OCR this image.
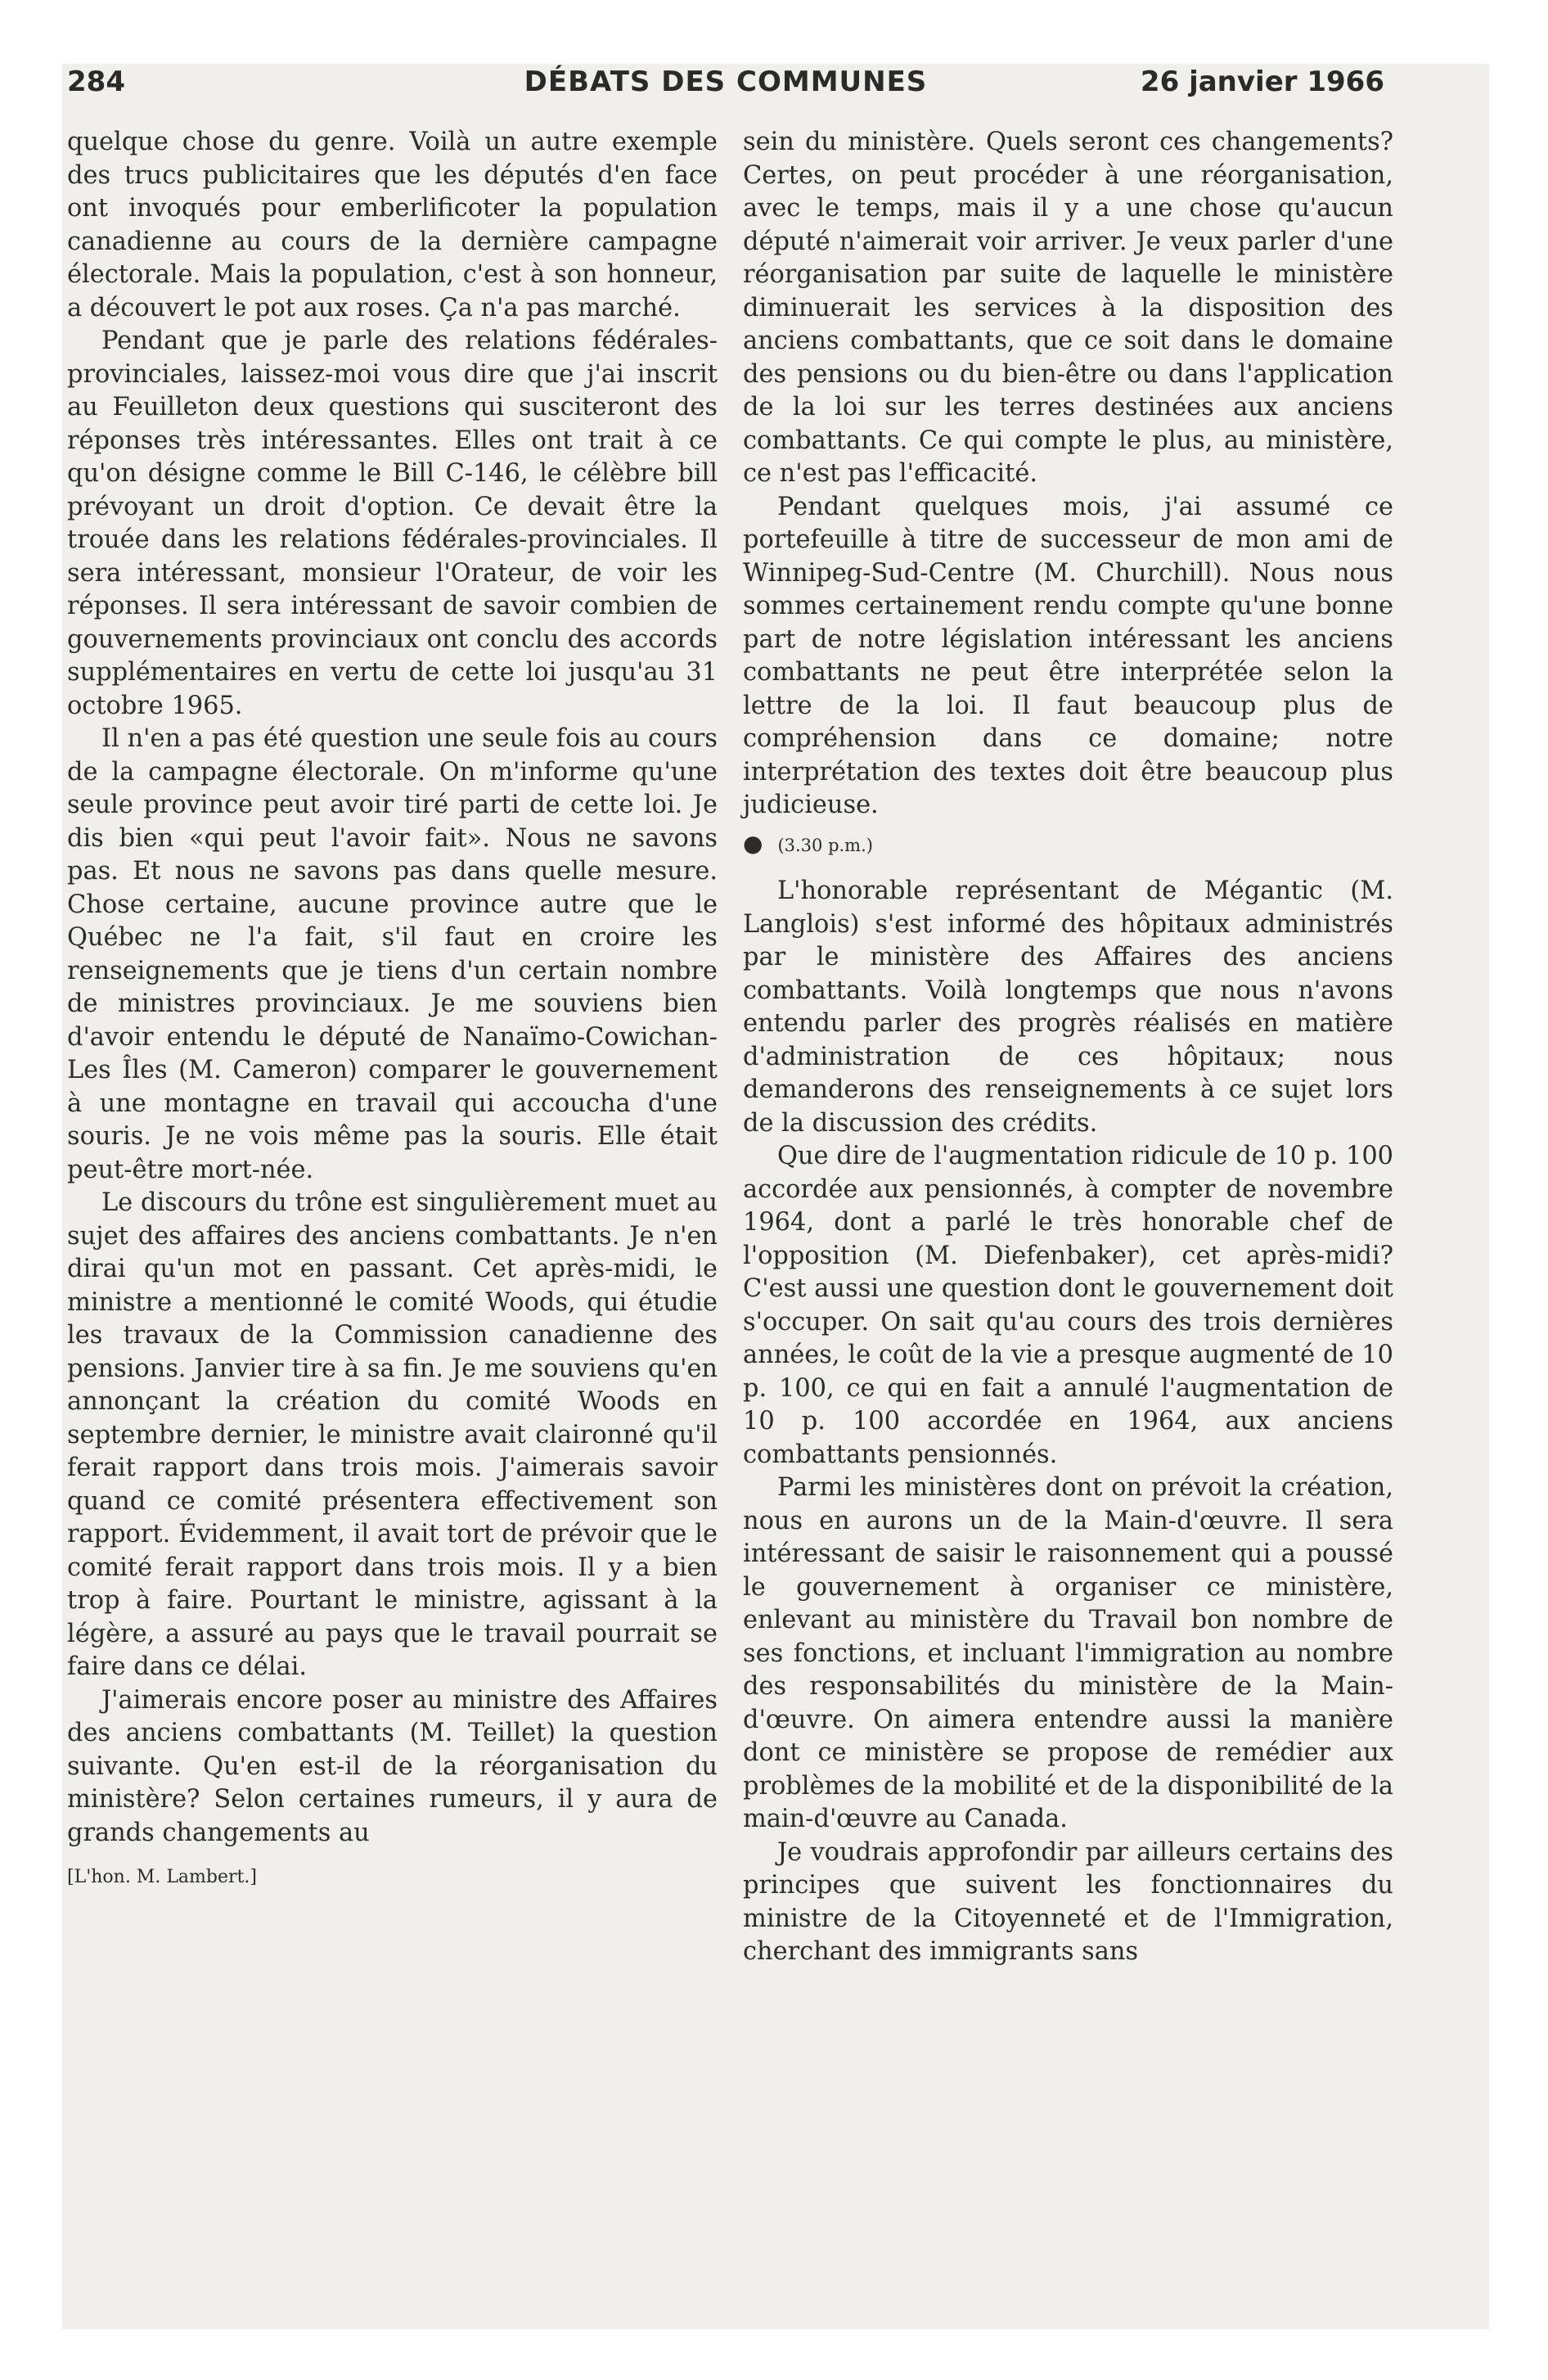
284	DÉBATS DES COMMUNES	26 janvier 1966

quelque chose du genre. Voilà un autre exemple des trucs publicitaires que les députés d'en face ont invoqués pour emberlificoter la population canadienne au cours de la dernière campagne électorale. Mais la population, c'est à son honneur, a découvert le pot aux roses. Ça n'a pas marché.

Pendant que je parle des relations fédérales-provinciales, laissez-moi vous dire que j'ai inscrit au Feuilleton deux questions qui susciteront des réponses très intéressantes. Elles ont trait à ce qu'on désigne comme le Bill C-146, le célèbre bill prévoyant un droit d'option. Ce devait être la trouée dans les relations fédérales-provinciales. Il sera intéressant, monsieur l'Orateur, de voir les réponses. Il sera intéressant de savoir combien de gouvernements provinciaux ont conclu des accords supplémentaires en vertu de cette loi jusqu'au 31 octobre 1965.

Il n'en a pas été question une seule fois au cours de la campagne électorale. On m'informe qu'une seule province peut avoir tiré parti de cette loi. Je dis bien «qui peut l'avoir fait». Nous ne savons pas. Et nous ne savons pas dans quelle mesure. Chose certaine, aucune province autre que le Québec ne l'a fait, s'il faut en croire les renseignements que je tiens d'un certain nombre de ministres provinciaux. Je me souviens bien d'avoir entendu le député de Nanaïmo-Cowichan-Les Îles (M. Cameron) comparer le gouvernement à une montagne en travail qui accoucha d'une souris. Je ne vois même pas la souris. Elle était peut-être mort-née.

Le discours du trône est singulièrement muet au sujet des affaires des anciens combattants. Je n'en dirai qu'un mot en passant. Cet après-midi, le ministre a mentionné le comité Woods, qui étudie les travaux de la Commission canadienne des pensions. Janvier tire à sa fin. Je me souviens qu'en annonçant la création du comité Woods en septembre dernier, le ministre avait claironné qu'il ferait rapport dans trois mois. J'aimerais savoir quand ce comité présentera effectivement son rapport. Évidemment, il avait tort de prévoir que le comité ferait rapport dans trois mois. Il y a bien trop à faire. Pourtant le ministre, agissant à la légère, a assuré au pays que le travail pourrait se faire dans ce délai.

J'aimerais encore poser au ministre des Affaires des anciens combattants (M. Teillet) la question suivante. Qu'en est-il de la réorganisation du ministère? Selon certaines rumeurs, il y aura de grands changements au

[L'hon. M. Lambert.]

sein du ministère. Quels seront ces changements? Certes, on peut procéder à une réorganisation, avec le temps, mais il y a une chose qu'aucun député n'aimerait voir arriver. Je veux parler d'une réorganisation par suite de laquelle le ministère diminuerait les services à la disposition des anciens combattants, que ce soit dans le domaine des pensions ou du bien-être ou dans l'application de la loi sur les terres destinées aux anciens combattants. Ce qui compte le plus, au ministère, ce n'est pas l'efficacité.

Pendant quelques mois, j'ai assumé ce portefeuille à titre de successeur de mon ami de Winnipeg-Sud-Centre (M. Churchill). Nous nous sommes certainement rendu compte qu'une bonne part de notre législation intéressant les anciens combattants ne peut être interprétée selon la lettre de la loi. Il faut beaucoup plus de compréhension dans ce domaine; notre interprétation des textes doit être beaucoup plus judicieuse.

● (3.30 p.m.)

L'honorable représentant de Mégantic (M. Langlois) s'est informé des hôpitaux administrés par le ministère des Affaires des anciens combattants. Voilà longtemps que nous n'avons entendu parler des progrès réalisés en matière d'administration de ces hôpitaux; nous demanderons des renseignements à ce sujet lors de la discussion des crédits.

Que dire de l'augmentation ridicule de 10 p. 100 accordée aux pensionnés, à compter de novembre 1964, dont a parlé le très honorable chef de l'opposition (M. Diefenbaker), cet après-midi? C'est aussi une question dont le gouvernement doit s'occuper. On sait qu'au cours des trois dernières années, le coût de la vie a presque augmenté de 10 p. 100, ce qui en fait a annulé l'augmentation de 10 p. 100 accordée en 1964, aux anciens combattants pensionnés.

Parmi les ministères dont on prévoit la création, nous en aurons un de la Main-d'œuvre. Il sera intéressant de saisir le raisonnement qui a poussé le gouvernement à organiser ce ministère, enlevant au ministère du Travail bon nombre de ses fonctions, et incluant l'immigration au nombre des responsabilités du ministère de la Main-d'œuvre. On aimera entendre aussi la manière dont ce ministère se propose de remédier aux problèmes de la mobilité et de la disponibilité de la main-d'œuvre au Canada.

Je voudrais approfondir par ailleurs certains des principes que suivent les fonctionnaires du ministre de la Citoyenneté et de l'Immigration, cherchant des immigrants sans
